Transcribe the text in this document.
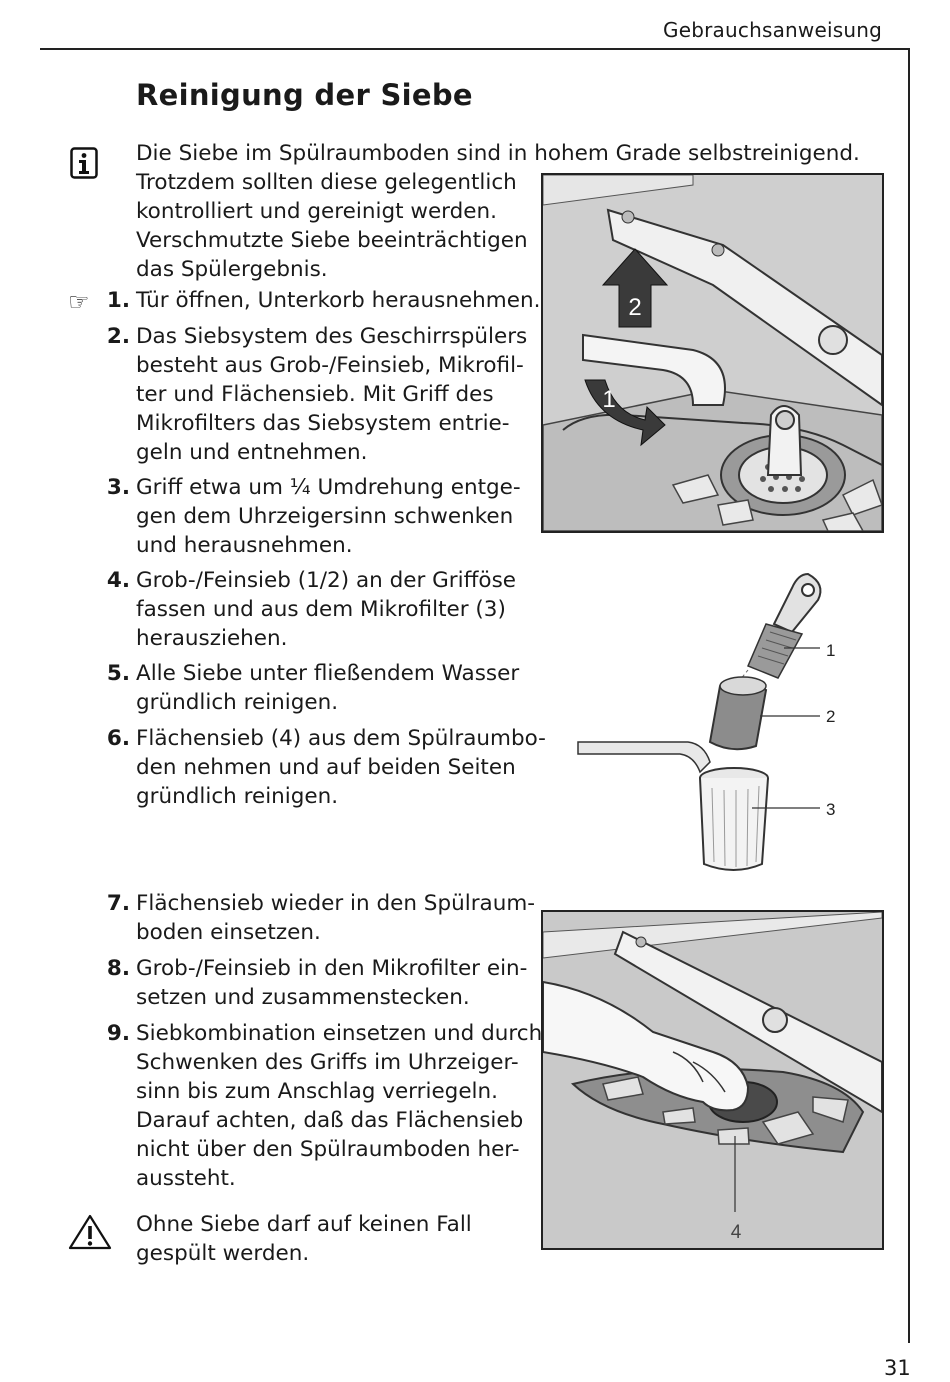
Gebrauchsanweisung
Reinigung der Siebe
Die Siebe im Spülraumboden sind in hohem Grade selbstreinigend.
Trotzdem sollten diese gelegentlich
kontrolliert und gereinigt werden.
Verschmutzte Siebe beeinträchtigen
das Spülergebnis.
☞ 1. Tür öffnen, Unterkorb herausnehmen.
2. Das Siebsystem des Geschirrspülers
besteht aus Grob-/Feinsieb, Mikrofil-
ter und Flächensieb. Mit Griff des
Mikrofilters das Siebsystem entrie-
geln und entnehmen.
3. Griff etwa um ¼ Umdrehung entge-
gen dem Uhrzeigersinn schwenken
und herausnehmen.
4. Grob-/Feinsieb (1/2) an der Grifföse
fassen und aus dem Mikrofilter (3)
herausziehen.
5. Alle Siebe unter fließendem Wasser
gründlich reinigen.
6. Flächensieb (4) aus dem Spülraumbo-
den nehmen und auf beiden Seiten
gründlich reinigen.
7. Flächensieb wieder in den Spülraum-
boden einsetzen.
8. Grob-/Feinsieb in den Mikrofilter ein-
setzen und zusammenstecken.
9. Siebkombination einsetzen und durch
Schwenken des Griffs im Uhrzeiger-
sinn bis zum Anschlag verriegeln.
Darauf achten, daß das Flächensieb
nicht über den Spülraumboden her-
aussteht.
Ohne Siebe darf auf keinen Fall
gespült werden.
2
1
1
2
3
4
31
